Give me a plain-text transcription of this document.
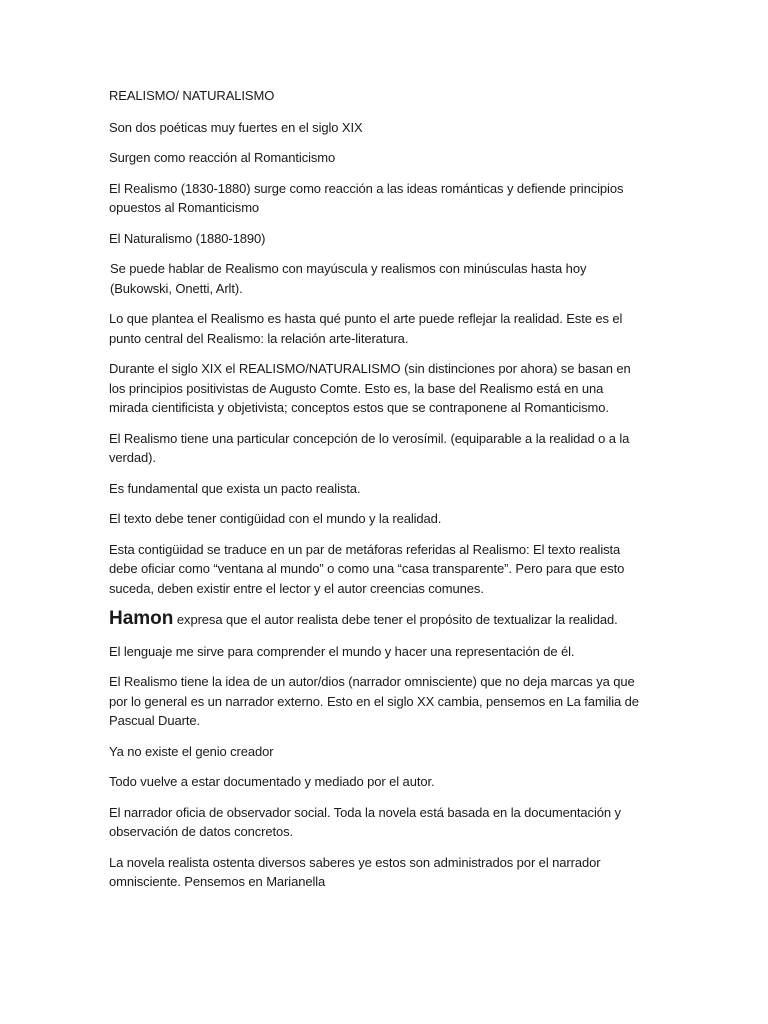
REALISMO/ NATURALISMO

Son dos poéticas muy fuertes en el siglo XIX

Surgen como reacción al Romanticismo

El Realismo (1830-1880) surge como reacción a las ideas románticas y defiende principios opuestos al Romanticismo

El Naturalismo (1880-1890)

Se puede hablar de Realismo con mayúscula y realismos con minúsculas hasta hoy (Bukowski, Onetti, Arlt).

Lo que plantea el Realismo es hasta qué punto el arte puede reflejar la realidad. Este es el punto central del Realismo: la relación arte-literatura.

Durante el siglo XIX el REALISMO/NATURALISMO (sin distinciones por ahora) se basan en los principios positivistas de Augusto Comte. Esto es, la base del Realismo está en una mirada cientificista y objetivista; conceptos estos que se contraponene al Romanticismo.

El Realismo tiene una particular concepción de lo verosímil. (equiparable a la realidad o a la verdad).

Es fundamental que exista un pacto realista.

El texto debe tener contigüidad con el mundo y la realidad.

Esta contigüidad se traduce en un par de metáforas referidas al Realismo: El texto realista debe oficiar como “ventana al mundo” o como una “casa transparente”. Pero para que esto suceda, deben existir entre el lector y el autor creencias comunes.

Hamon expresa que el autor realista debe tener el propósito de textualizar la realidad.

El lenguaje me sirve para comprender el mundo y hacer una representación de él.

El Realismo tiene la idea de un autor/dios (narrador omnisciente) que no deja marcas ya que por lo general es un narrador externo. Esto en el siglo XX cambia, pensemos en La familia de Pascual Duarte.

Ya no existe el genio creador

Todo vuelve a estar documentado y mediado por el autor.

El narrador oficia de observador social. Toda la novela está basada en la documentación y observación de datos concretos.

La novela realista ostenta diversos saberes ye estos son administrados por el narrador omnisciente. Pensemos en Marianella
